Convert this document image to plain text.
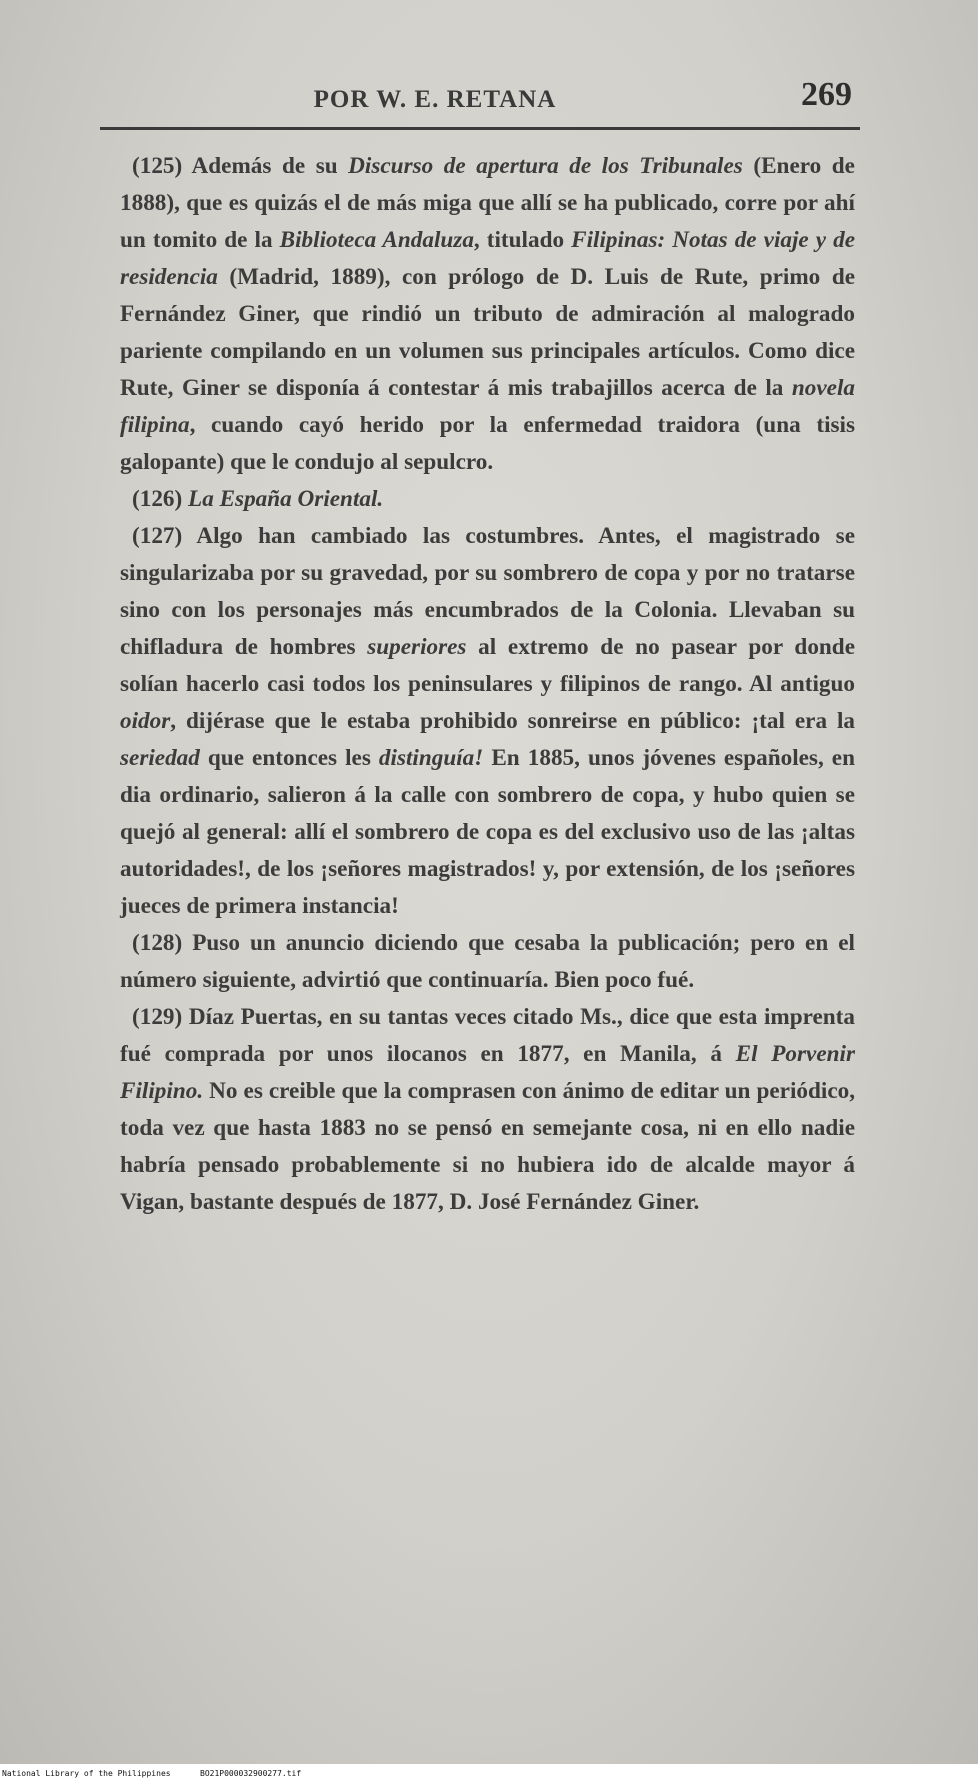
POR W. E. RETANA	269

(125) Además de su Discurso de apertura de los Tribunales (Enero de 1888), que es quizás el de más miga que allí se ha publicado, corre por ahí un tomito de la Biblioteca Andaluza, titulado Filipinas: Notas de viaje y de residencia (Madrid, 1889), con prólogo de D. Luis de Rute, primo de Fernández Giner, que rindió un tributo de admiración al malogrado pariente compilando en un volumen sus principales artículos. Como dice Rute, Giner se disponía á contestar á mis trabajillos acerca de la novela filipina, cuando cayó herido por la enfermedad traidora (una tisis galopante) que le condujo al sepulcro.

(126) La España Oriental.

(127) Algo han cambiado las costumbres. Antes, el magistrado se singularizaba por su gravedad, por su sombrero de copa y por no tratarse sino con los personajes más encumbrados de la Colonia. Llevaban su chifladura de hombres superiores al extremo de no pasear por donde solían hacerlo casi todos los peninsulares y filipinos de rango. Al antiguo oidor, dijérase que le estaba prohibido sonreirse en público: ¡tal era la seriedad que entonces les distinguía! En 1885, unos jóvenes españoles, en dia ordinario, salieron á la calle con sombrero de copa, y hubo quien se quejó al general: allí el sombrero de copa es del exclusivo uso de las ¡altas autoridades!, de los ¡señores magistrados! y, por extensión, de los ¡señores jueces de primera instancia!

(128) Puso un anuncio diciendo que cesaba la publicación; pero en el número siguiente, advirtió que continuaría. Bien poco fué.

(129) Díaz Puertas, en su tantas veces citado Ms., dice que esta imprenta fué comprada por unos ilocanos en 1877, en Manila, á El Porvenir Filipino. No es creible que la comprasen con ánimo de editar un periódico, toda vez que hasta 1883 no se pensó en semejante cosa, ni en ello nadie habría pensado probablemente si no hubiera ido de alcalde mayor á Vigan, bastante después de 1877, D. José Fernández Giner.

National Library of the Philippines	BO21P000032900277.tif
